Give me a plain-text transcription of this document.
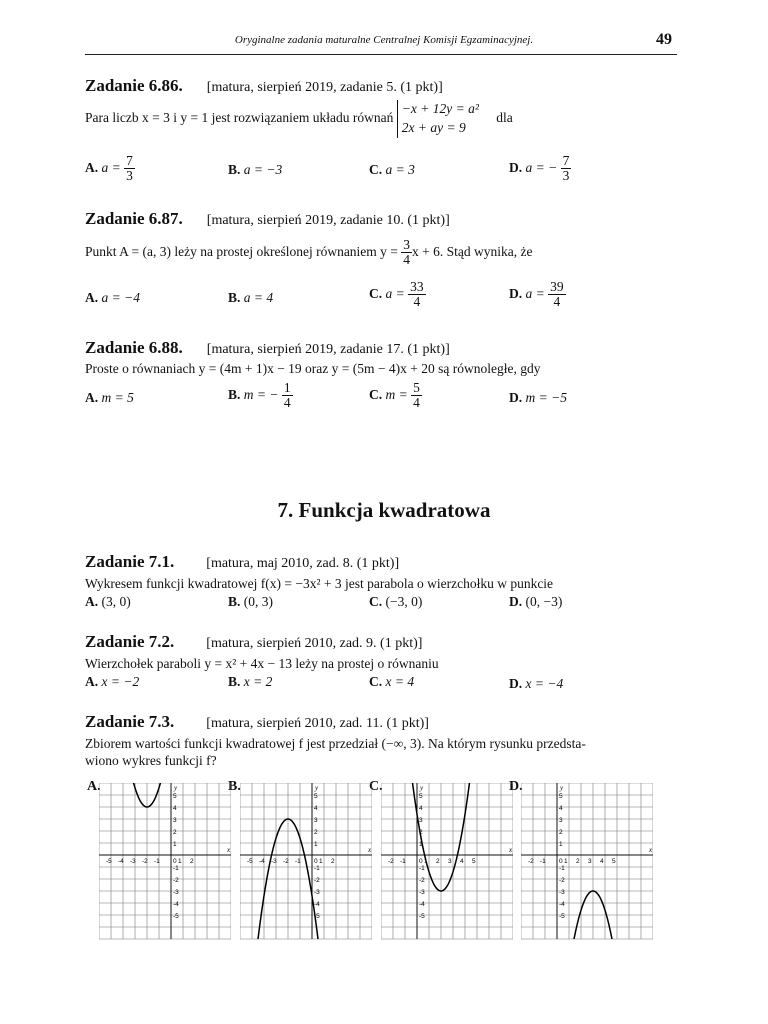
Oryginalne zadania maturalne Centralnej Komisji Egzaminacyjnej.	49
Zadanie 6.86. [matura, sierpień 2019, zadanie 5. (1 pkt)]
Para liczb x = 3 i y = 1 jest rozwiązaniem układu równań
−x + 12y = a²
2x + ay = 9
dla
A. $a = \frac{7}{3}$	B. a = −3	C. a = 3	D. a = − $\frac{7}{3}$
Zadanie 6.87. [matura, sierpień 2019, zadanie 10. (1 pkt)]
Punkt A = (a, 3) leży na prostej określonej równaniem $y = \frac{3}{4}$ x + 6. Stąd wynika, że
A. a = −4	B. a = 4	C. $a = \frac{33}{4}$	D. $a = \frac{39}{4}$
Zadanie 6.88. [matura, sierpień 2019, zadanie 17. (1 pkt)]
Proste o równaniach y = (4m + 1)x − 19 oraz y = (5m − 4)x + 20 są równoległe, gdy
A. m = 5	B. m = − $\frac{1}{4}$	C. $m = \frac{5}{4}$	D. m = −5
7. Funkcja kwadratowa
Zadanie 7.1. [matura, maj 2010, zad. 8. (1 pkt)]
Wykresem funkcji kwadratowej f(x) = −3x² + 3 jest parabola o wierzchołku w punkcie
A. (3, 0)	B. (0, 3)	C. (−3, 0)	D. (0, −3)
Zadanie 7.2. [matura, sierpień 2010, zad. 9. (1 pkt)]
Wierzchołek paraboli y = x² + 4x − 13 leży na prostej o równaniu
A. x = −2	B. x = 2	C. x = 4	D. x = −4
Zadanie 7.3. [matura, sierpień 2010, zad. 11. (1 pkt)]
Zbiorem wartości funkcji kwadratowej f jest przedział (−∞, 3). Na którym rysunku przedsta-
wiono wykres funkcji f?
A.	B.	C.	D.
x
y
-5 -4 -3 -2 -1 0 1 2
5
4
3
2
1
-1
-2
-3
-4
-5
x
y
-5 -4 -3 -2 -1 0 1 2
5
4
3
2
1
-1
-2
-3
-4
-5
x
y
-2 -1 0 1 2 3 4 5
5
4
3
2
1
-1
-2
-3
-4
-5
x
y
-2 -1 0 1 2 3 4 5
5
4
3
2
1
-1
-2
-3
-4
-5
